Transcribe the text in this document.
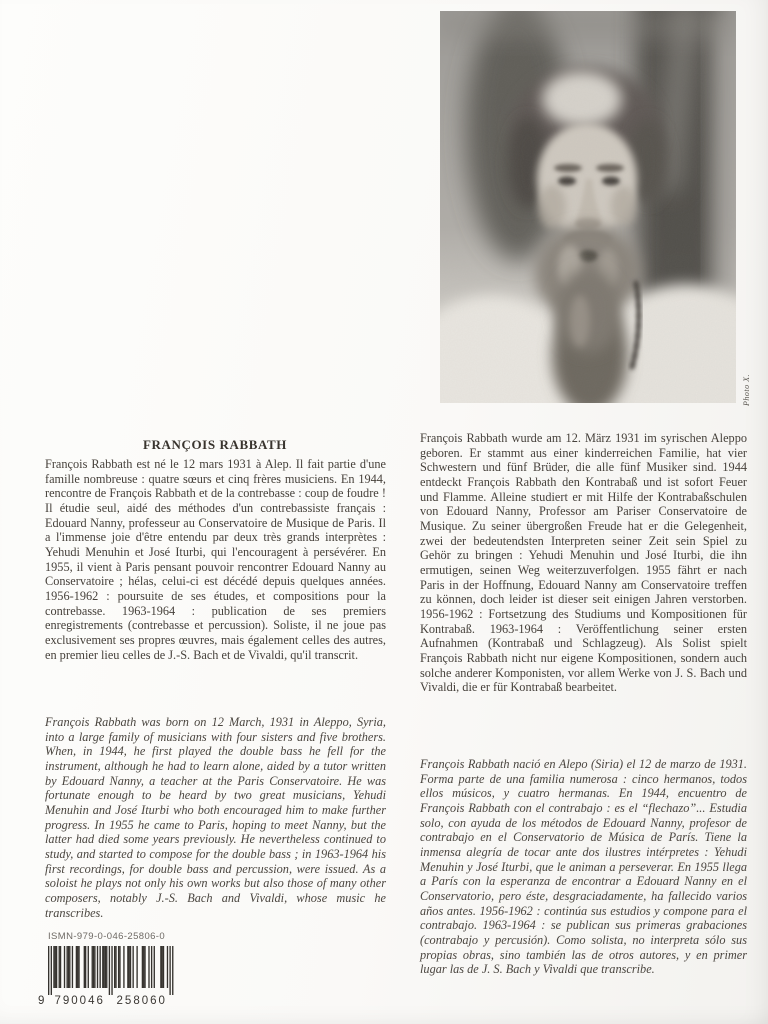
Photo X.
FRANÇOIS RABBATH

François Rabbath est né le 12 mars 1931 à Alep. Il fait partie d'une famille nombreuse : quatre sœurs et cinq frères musiciens. En 1944, rencontre de François Rabbath et de la contrebasse : coup de foudre ! Il étudie seul, aidé des méthodes d'un contrebassiste français : Edouard Nanny, professeur au Conservatoire de Musique de Paris. Il a l'immense joie d'être entendu par deux très grands interprètes : Yehudi Menuhin et José Iturbi, qui l'encouragent à persévérer. En 1955, il vient à Paris pensant pouvoir rencontrer Edouard Nanny au Conservatoire ; hélas, celui-ci est décédé depuis quelques années. 1956-1962 : poursuite de ses études, et compositions pour la contrebasse. 1963-1964 : publication de ses premiers enregistrements (contrebasse et percussion). Soliste, il ne joue pas exclusivement ses propres œuvres, mais également celles des autres, en premier lieu celles de J.-S. Bach et de Vivaldi, qu'il transcrit.

François Rabbath was born on 12 March, 1931 in Aleppo, Syria, into a large family of musicians with four sisters and five brothers. When, in 1944, he first played the double bass he fell for the instrument, although he had to learn alone, aided by a tutor written by Edouard Nanny, a teacher at the Paris Conservatoire. He was fortunate enough to be heard by two great musicians, Yehudi Menuhin and José Iturbi who both encouraged him to make further progress. In 1955 he came to Paris, hoping to meet Nanny, but the latter had died some years previously. He nevertheless continued to study, and started to compose for the double bass ; in 1963-1964 his first recordings, for double bass and percussion, were issued. As a soloist he plays not only his own works but also those of many other composers, notably J.-S. Bach and Vivaldi, whose music he transcribes.

ISMN-979-0-046-25806-0
9 790046 258060

François Rabbath wurde am 12. März 1931 im syrischen Aleppo geboren. Er stammt aus einer kinderreichen Familie, hat vier Schwestern und fünf Brüder, die alle fünf Musiker sind. 1944 entdeckt François Rabbath den Kontrabaß und ist sofort Feuer und Flamme. Alleine studiert er mit Hilfe der Kontrabaßschulen von Edouard Nanny, Professor am Pariser Conservatoire de Musique. Zu seiner übergroßen Freude hat er die Gelegenheit, zwei der bedeutendsten Interpreten seiner Zeit sein Spiel zu Gehör zu bringen : Yehudi Menuhin und José Iturbi, die ihn ermutigen, seinen Weg weiterzuverfolgen. 1955 fährt er nach Paris in der Hoffnung, Edouard Nanny am Conservatoire treffen zu können, doch leider ist dieser seit einigen Jahren verstorben. 1956-1962 : Fortsetzung des Studiums und Kompositionen für Kontrabaß. 1963-1964 : Veröffentlichung seiner ersten Aufnahmen (Kontrabaß und Schlagzeug). Als Solist spielt François Rabbath nicht nur eigene Kompositionen, sondern auch solche anderer Komponisten, vor allem Werke von J. S. Bach und Vivaldi, die er für Kontrabaß bearbeitet.

François Rabbath nació en Alepo (Siria) el 12 de marzo de 1931. Forma parte de una familia numerosa : cinco hermanos, todos ellos músicos, y cuatro hermanas. En 1944, encuentro de François Rabbath con el contrabajo : es el “flechazo”... Estudia solo, con ayuda de los métodos de Edouard Nanny, profesor de contrabajo en el Conservatorio de Música de París. Tiene la inmensa alegría de tocar ante dos ilustres intérpretes : Yehudi Menuhin y José Iturbi, que le animan a perseverar. En 1955 llega a París con la esperanza de encontrar a Edouard Nanny en el Conservatorio, pero éste, desgraciadamente, ha fallecido varios años antes. 1956-1962 : continúa sus estudios y compone para el contrabajo. 1963-1964 : se publican sus primeras grabaciones (contrabajo y percusión). Como solista, no interpreta sólo sus propias obras, sino también las de otros autores, y en primer lugar las de J. S. Bach y Vivaldi que transcribe.
